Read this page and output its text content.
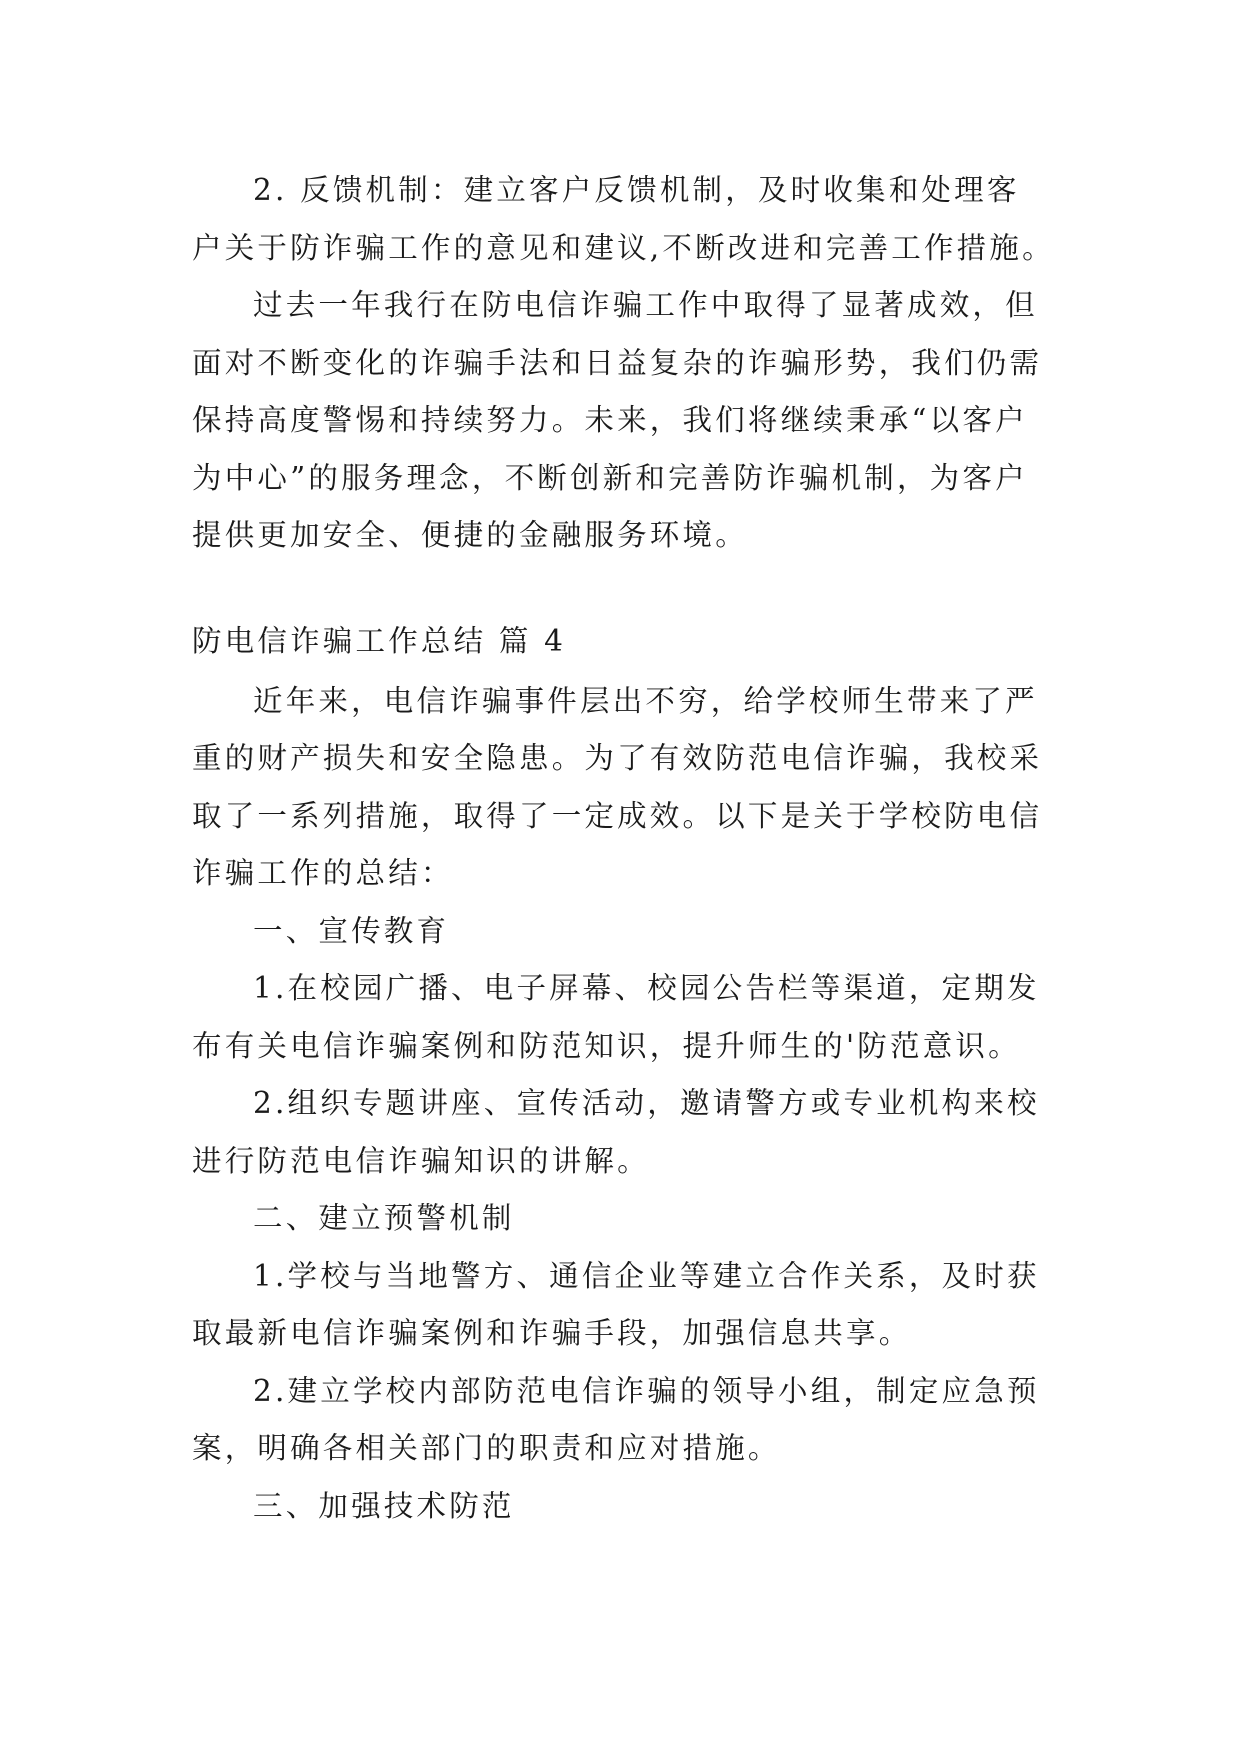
2. 反馈机制：建立客户反馈机制，及时收集和处理客
户关于防诈骗工作的意见和建议,不断改进和完善工作措施。
过去一年我行在防电信诈骗工作中取得了显著成效，但
面对不断变化的诈骗手法和日益复杂的诈骗形势，我们仍需
保持高度警惕和持续努力。未来，我们将继续秉承“以客户
为中心”的服务理念，不断创新和完善防诈骗机制，为客户
提供更加安全、便捷的金融服务环境。
防电信诈骗工作总结 篇 4
近年来，电信诈骗事件层出不穷，给学校师生带来了严
重的财产损失和安全隐患。为了有效防范电信诈骗，我校采
取了一系列措施，取得了一定成效。以下是关于学校防电信
诈骗工作的总结：
一、宣传教育
1.在校园广播、电子屏幕、校园公告栏等渠道，定期发
布有关电信诈骗案例和防范知识，提升师生的'防范意识。
2.组织专题讲座、宣传活动，邀请警方或专业机构来校
进行防范电信诈骗知识的讲解。
二、建立预警机制
1.学校与当地警方、通信企业等建立合作关系，及时获
取最新电信诈骗案例和诈骗手段，加强信息共享。
2.建立学校内部防范电信诈骗的领导小组，制定应急预
案，明确各相关部门的职责和应对措施。
三、加强技术防范
